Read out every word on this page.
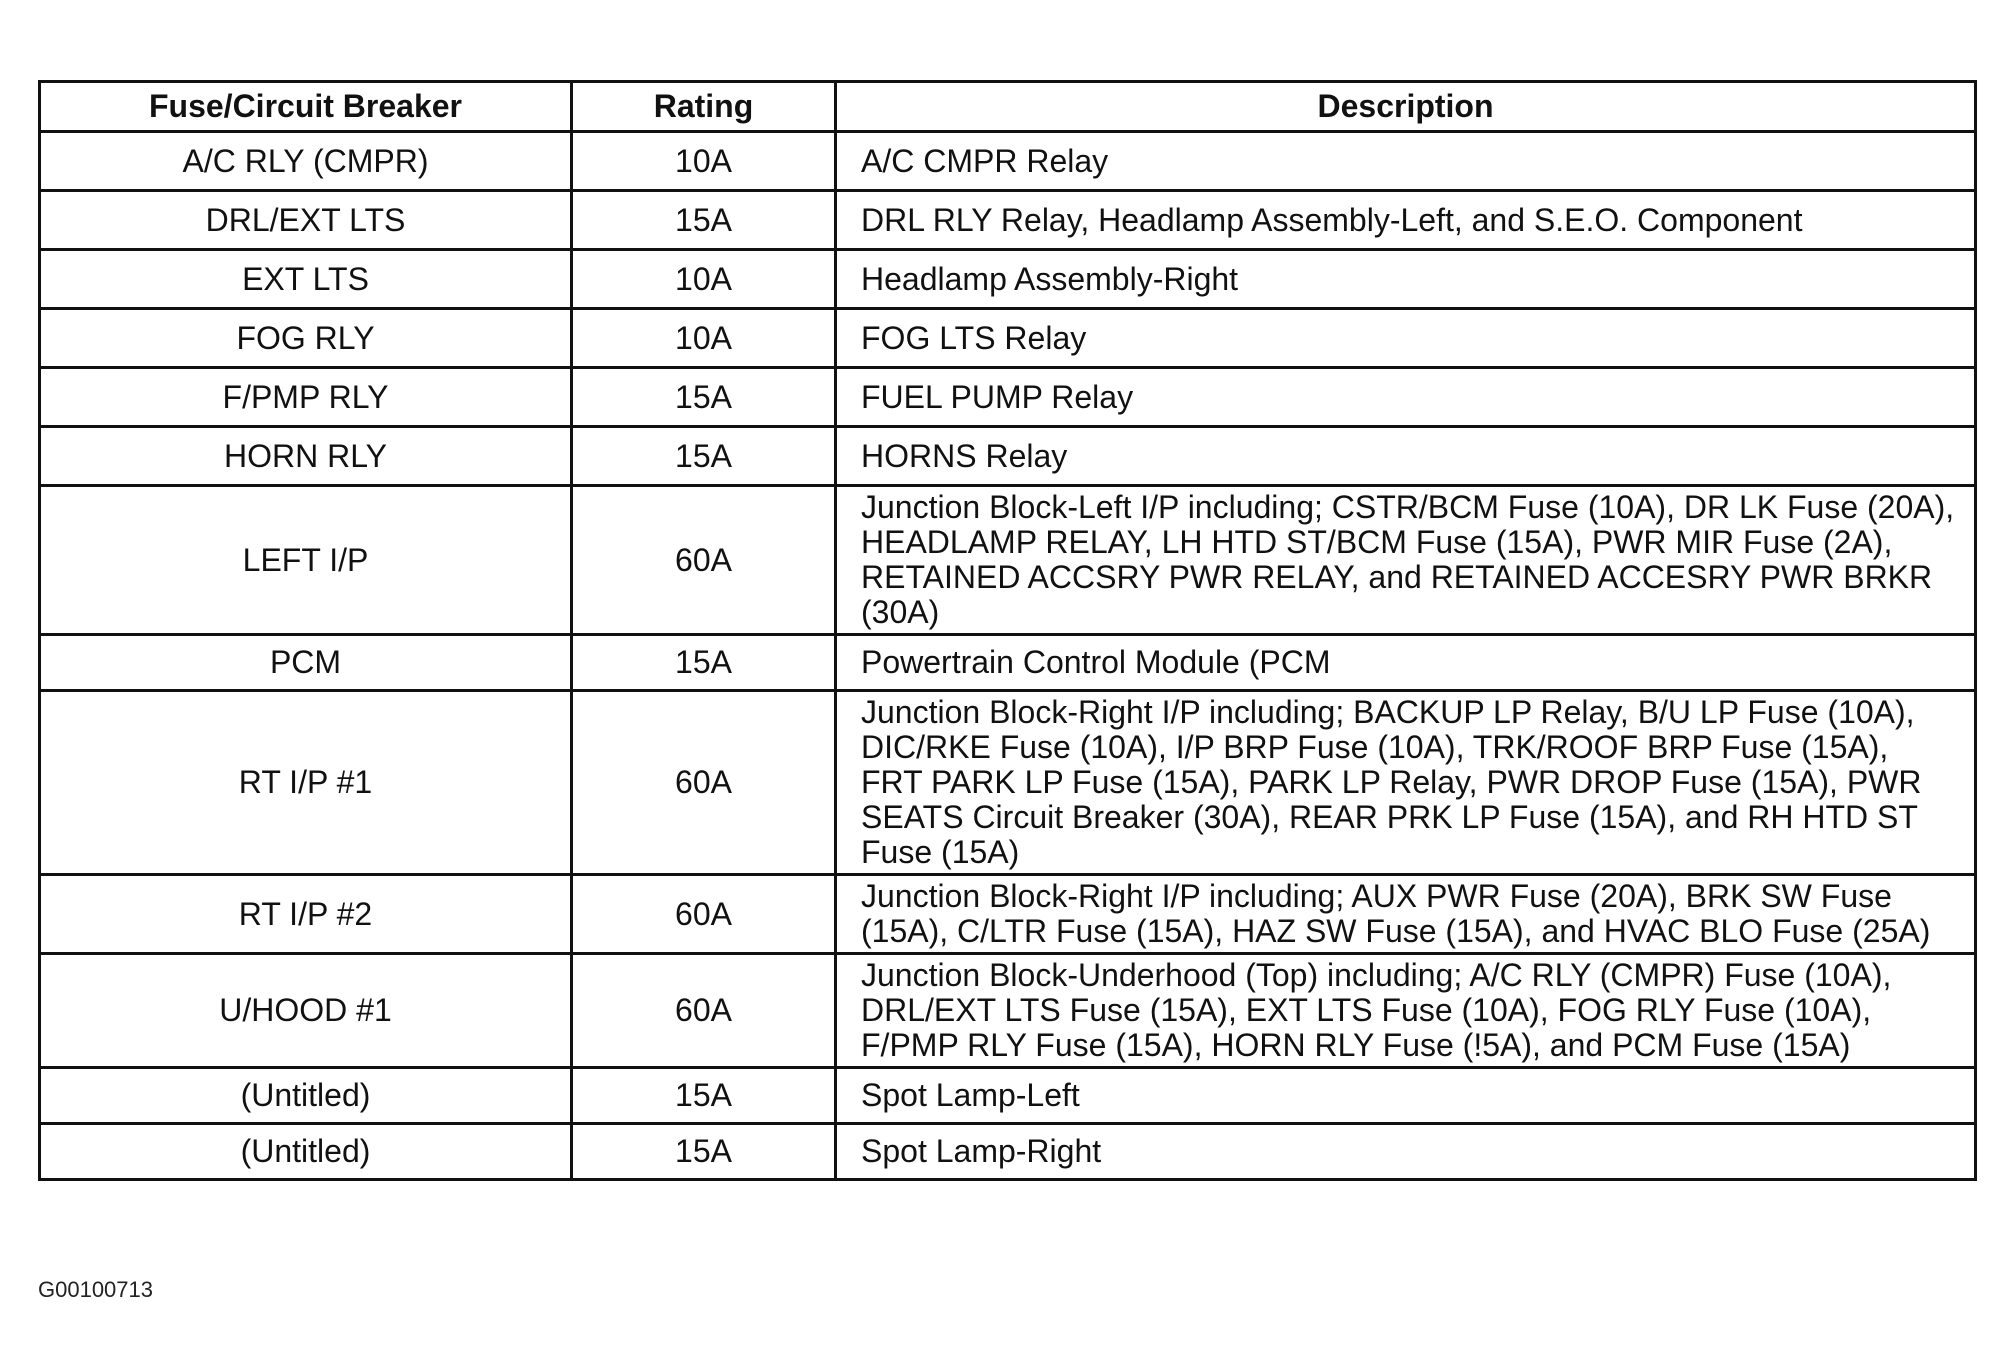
Fuse/Circuit Breaker	Rating	Description
A/C RLY (CMPR)	10A	A/C CMPR Relay
DRL/EXT LTS	15A	DRL RLY Relay, Headlamp Assembly-Left, and S.E.O. Component
EXT LTS	10A	Headlamp Assembly-Right
FOG RLY	10A	FOG LTS Relay
F/PMP RLY	15A	FUEL PUMP Relay
HORN RLY	15A	HORNS Relay
LEFT I/P	60A	Junction Block-Left I/P including; CSTR/BCM Fuse (10A), DR LK Fuse (20A), HEADLAMP RELAY, LH HTD ST/BCM Fuse (15A), PWR MIR Fuse (2A), RETAINED ACCSRY PWR RELAY, and RETAINED ACCESRY PWR BRKR (30A)
PCM	15A	Powertrain Control Module (PCM
RT I/P #1	60A	Junction Block-Right I/P including; BACKUP LP Relay, B/U LP Fuse (10A), DIC/RKE Fuse (10A), I/P BRP Fuse (10A), TRK/ROOF BRP Fuse (15A), FRT PARK LP Fuse (15A), PARK LP Relay, PWR DROP Fuse (15A), PWR SEATS Circuit Breaker (30A), REAR PRK LP Fuse (15A), and RH HTD ST Fuse (15A)
RT I/P #2	60A	Junction Block-Right I/P including; AUX PWR Fuse (20A), BRK SW Fuse (15A), C/LTR Fuse (15A), HAZ SW Fuse (15A), and HVAC BLO Fuse (25A)
U/HOOD #1	60A	Junction Block-Underhood (Top) including; A/C RLY (CMPR) Fuse (10A), DRL/EXT LTS Fuse (15A), EXT LTS Fuse (10A), FOG RLY Fuse (10A), F/PMP RLY Fuse (15A), HORN RLY Fuse (!5A), and PCM Fuse (15A)
(Untitled)	15A	Spot Lamp-Left
(Untitled)	15A	Spot Lamp-Right
G00100713
